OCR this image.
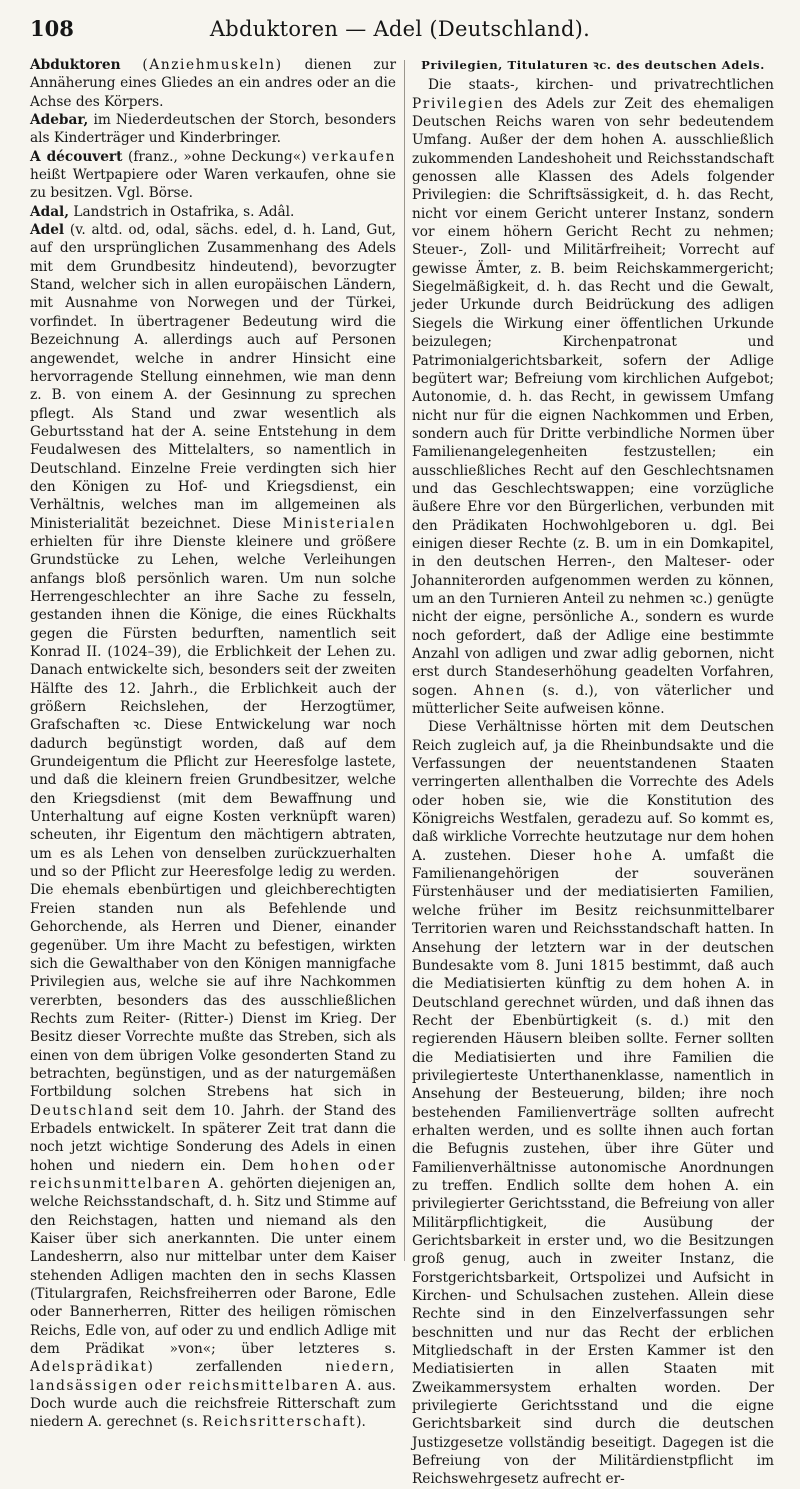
108	Abduktoren — Adel (Deutschland).

Abduktoren (Anziehmuskeln) dienen zur Annäherung eines Gliedes an ein andres oder an die Achse des Körpers.

Adebar, im Niederdeutschen der Storch, besonders als Kinderträger und Kinderbringer.

A découvert (franz., »ohne Deckung«) verkaufen heißt Wertpapiere oder Waren verkaufen, ohne sie zu besitzen. Vgl. Börse.

Adal, Landstrich in Ostafrika, s. Adâl.

Adel (v. altd. od, odal, sächs. edel, d. h. Land, Gut, auf den ursprünglichen Zusammenhang des Adels mit dem Grundbesitz hindeutend), bevorzugter Stand, welcher sich in allen europäischen Ländern, mit Ausnahme von Norwegen und der Türkei, vorfindet. In übertragener Bedeutung wird die Bezeichnung A. allerdings auch auf Personen angewendet, welche in andrer Hinsicht eine hervorragende Stellung einnehmen, wie man denn z. B. von einem A. der Gesinnung zu sprechen pflegt. Als Stand und zwar wesentlich als Geburtsstand hat der A. seine Entstehung in dem Feudalwesen des Mittelalters, so namentlich in Deutschland. Einzelne Freie verdingten sich hier den Königen zu Hof- und Kriegsdienst, ein Verhältnis, welches man im allgemeinen als Ministerialität bezeichnet. Diese Ministerialen erhielten für ihre Dienste kleinere und größere Grundstücke zu Lehen, welche Verleihungen anfangs bloß persönlich waren. Um nun solche Herrengeschlechter an ihre Sache zu fesseln, gestanden ihnen die Könige, die eines Rückhalts gegen die Fürsten bedurften, namentlich seit Konrad II. (1024–39), die Erblichkeit der Lehen zu. Danach entwickelte sich, besonders seit der zweiten Hälfte des 12. Jahrh., die Erblichkeit auch der größern Reichslehen, der Herzogtümer, Grafschaften ꝛc. Diese Entwickelung war noch dadurch begünstigt worden, daß auf dem Grundeigentum die Pflicht zur Heeresfolge lastete, und daß die kleinern freien Grundbesitzer, welche den Kriegsdienst (mit dem Bewaffnung und Unterhaltung auf eigne Kosten verknüpft waren) scheuten, ihr Eigentum den mächtigern abtraten, um es als Lehen von denselben zurückzuerhalten und so der Pflicht zur Heeresfolge ledig zu werden. Die ehemals ebenbürtigen und gleichberechtigten Freien standen nun als Befehlende und Gehorchende, als Herren und Diener, einander gegenüber. Um ihre Macht zu befestigen, wirkten sich die Gewalthaber von den Königen mannigfache Privilegien aus, welche sie auf ihre Nachkommen vererbten, besonders das des ausschließlichen Rechts zum Reiter- (Ritter-) Dienst im Krieg. Der Besitz dieser Vorrechte mußte das Streben, sich als einen von dem übrigen Volke gesonderten Stand zu betrachten, begünstigen, und as der naturgemäßen Fortbildung solchen Strebens hat sich in Deutschland seit dem 10. Jahrh. der Stand des Erbadels entwickelt. In späterer Zeit trat dann die noch jetzt wichtige Sonderung des Adels in einen hohen und niedern ein. Dem hohen oder reichsunmittelbaren A. gehörten diejenigen an, welche Reichsstandschaft, d. h. Sitz und Stimme auf den Reichstagen, hatten und niemand als den Kaiser über sich anerkannten. Die unter einem Landesherrn, also nur mittelbar unter dem Kaiser stehenden Adligen machten den in sechs Klassen (Titulargrafen, Reichsfreiherren oder Barone, Edle oder Bannerherren, Ritter des heiligen römischen Reichs, Edle von, auf oder zu und endlich Adlige mit dem Prädikat »von«; über letzteres s. Adelsprädikat) zerfallenden niedern, landsässigen oder reichsmittelbaren A. aus. Doch wurde auch die reichsfreie Ritterschaft zum niedern A. gerechnet (s. Reichsritterschaft).

Privilegien, Titulaturen ꝛc. des deutschen Adels.

Die staats-, kirchen- und privatrechtlichen Privilegien des Adels zur Zeit des ehemaligen Deutschen Reichs waren von sehr bedeutendem Umfang. Außer der dem hohen A. ausschließlich zukommenden Landeshoheit und Reichsstandschaft genossen alle Klassen des Adels folgender Privilegien: die Schriftsässigkeit, d. h. das Recht, nicht vor einem Gericht unterer Instanz, sondern vor einem höhern Gericht Recht zu nehmen; Steuer-, Zoll- und Militärfreiheit; Vorrecht auf gewisse Ämter, z. B. beim Reichskammergericht; Siegelmäßigkeit, d. h. das Recht und die Gewalt, jeder Urkunde durch Beidrückung des adligen Siegels die Wirkung einer öffentlichen Urkunde beizulegen; Kirchenpatronat und Patrimonialgerichtsbarkeit, sofern der Adlige begütert war; Befreiung vom kirchlichen Aufgebot; Autonomie, d. h. das Recht, in gewissem Umfang nicht nur für die eignen Nachkommen und Erben, sondern auch für Dritte verbindliche Normen über Familienangelegenheiten festzustellen; ein ausschließliches Recht auf den Geschlechtsnamen und das Geschlechtswappen; eine vorzügliche äußere Ehre vor den Bürgerlichen, verbunden mit den Prädikaten Hochwohlgeboren u. dgl. Bei einigen dieser Rechte (z. B. um in ein Domkapitel, in den deutschen Herren-, den Malteser- oder Johanniterorden aufgenommen werden zu können, um an den Turnieren Anteil zu nehmen ꝛc.) genügte nicht der eigne, persönliche A., sondern es wurde noch gefordert, daß der Adlige eine bestimmte Anzahl von adligen und zwar adlig gebornen, nicht erst durch Standeserhöhung geadelten Vorfahren, sogen. Ahnen (s. d.), von väterlicher und mütterlicher Seite aufweisen könne.

Diese Verhältnisse hörten mit dem Deutschen Reich zugleich auf, ja die Rheinbundsakte und die Verfassungen der neuentstandenen Staaten verringerten allenthalben die Vorrechte des Adels oder hoben sie, wie die Konstitution des Königreichs Westfalen, geradezu auf. So kommt es, daß wirkliche Vorrechte heutzutage nur dem hohen A. zustehen. Dieser hohe A. umfaßt die Familienangehörigen der souveränen Fürstenhäuser und der mediatisierten Familien, welche früher im Besitz reichsunmittelbarer Territorien waren und Reichsstandschaft hatten. In Ansehung der letztern war in der deutschen Bundesakte vom 8. Juni 1815 bestimmt, daß auch die Mediatisierten künftig zu dem hohen A. in Deutschland gerechnet würden, und daß ihnen das Recht der Ebenbürtigkeit (s. d.) mit den regierenden Häusern bleiben sollte. Ferner sollten die Mediatisierten und ihre Familien die privilegierteste Unterthanenklasse, namentlich in Ansehung der Besteuerung, bilden; ihre noch bestehenden Familienverträge sollten aufrecht erhalten werden, und es sollte ihnen auch fortan die Befugnis zustehen, über ihre Güter und Familienverhältnisse autonomische Anordnungen zu treffen. Endlich sollte dem hohen A. ein privilegierter Gerichtsstand, die Befreiung von aller Militärpflichtigkeit, die Ausübung der Gerichtsbarkeit in erster und, wo die Besitzungen groß genug, auch in zweiter Instanz, die Forstgerichtsbarkeit, Ortspolizei und Aufsicht in Kirchen- und Schulsachen zustehen. Allein diese Rechte sind in den Einzelverfassungen sehr beschnitten und nur das Recht der erblichen Mitgliedschaft in der Ersten Kammer ist den Mediatisierten in allen Staaten mit Zweikammersystem erhalten worden. Der privilegierte Gerichtsstand und die eigne Gerichtsbarkeit sind durch die deutschen Justizgesetze vollständig beseitigt. Dagegen ist die Befreiung von der Militärdienstpflicht im Reichswehrgesetz aufrecht er-
